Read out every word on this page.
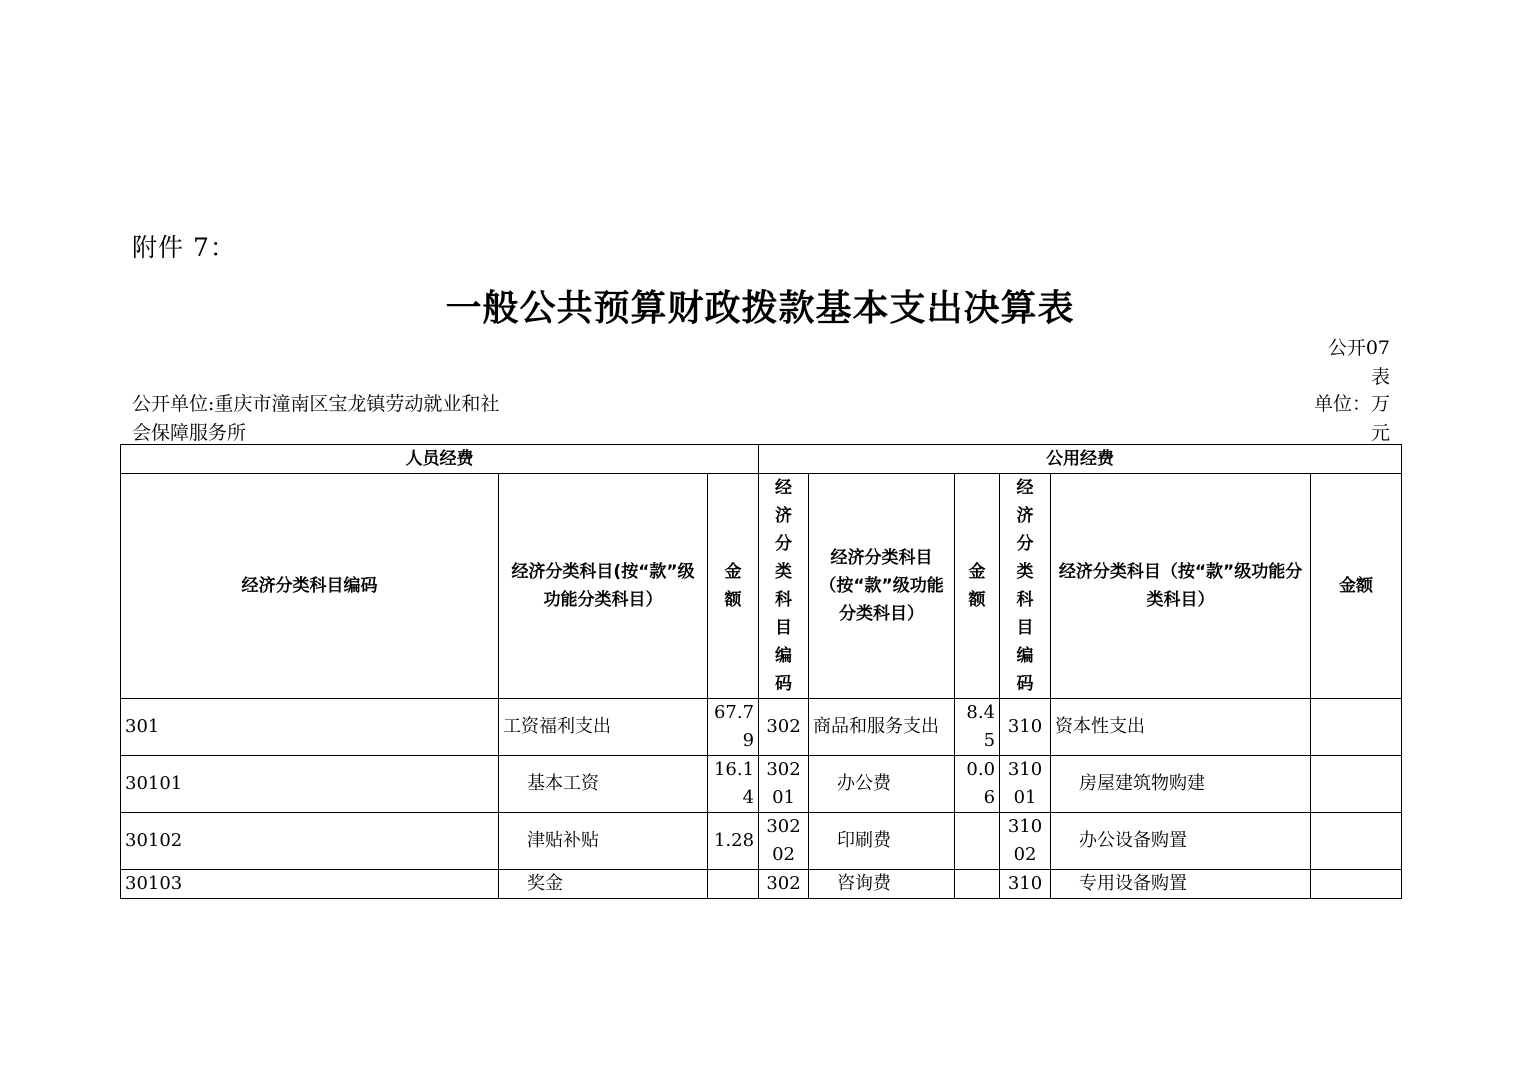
附件 7：
一般公共预算财政拨款基本支出决算表
公开07表
公开单位:重庆市潼南区宝龙镇劳动就业和社会保障服务所
单位：万元
人员经费			公用经费					
经济分类科目编码	经济分类科目(按“款”级功能分类科目）	金额	经济分类科目编码	经济分类科目（按“款”级功能分类科目）	金额	经济分类科目编码	经济分类科目（按“款”级功能分类科目）	金额
301	工资福利支出	67.79	302	商品和服务支出	8.45	310	资本性支出	
30101	基本工资	16.14	30201	办公费	0.06	31001	房屋建筑物购建	
30102	津贴补贴	1.28	30202	印刷费		31002	办公设备购置	
30103	奖金		302	咨询费		310	专用设备购置	
